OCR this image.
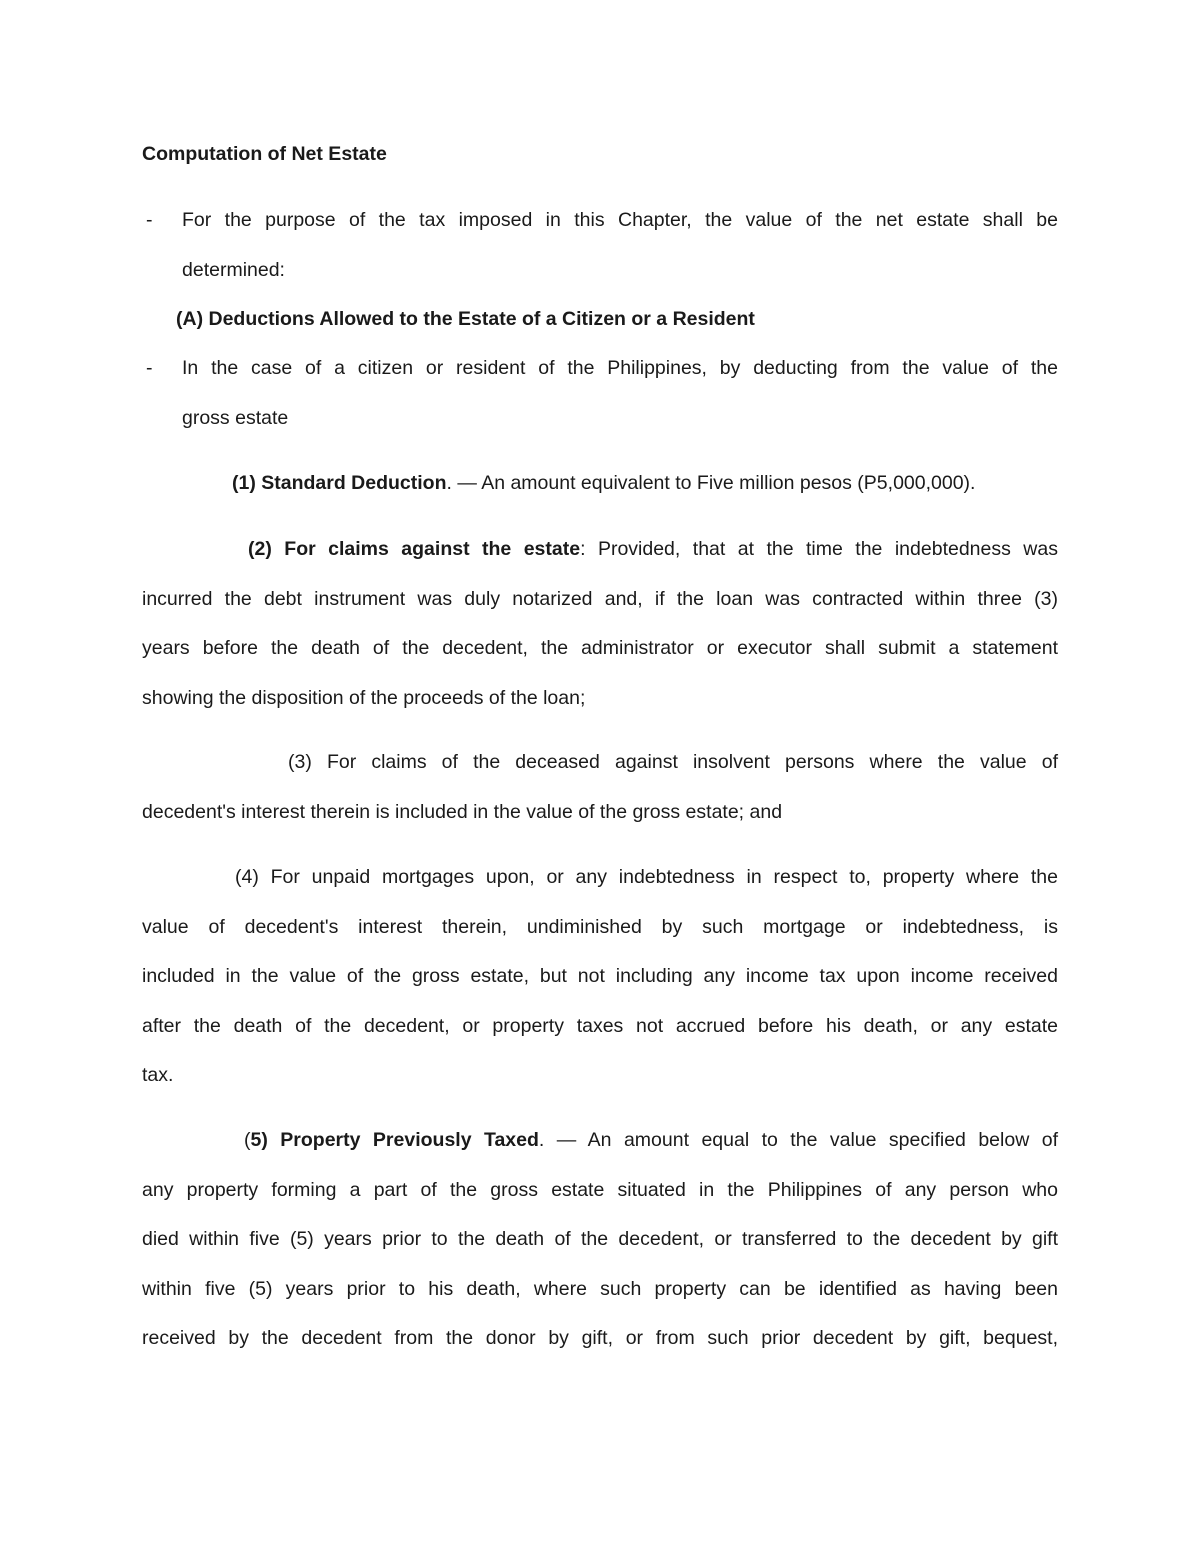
Computation of Net Estate
- For the purpose of the tax imposed in this Chapter, the value of the net estate shall be
determined:
(A) Deductions Allowed to the Estate of a Citizen or a Resident
- In the case of a citizen or resident of the Philippines, by deducting from the value of the
gross estate
(1) Standard Deduction. — An amount equivalent to Five million pesos (P5,000,000).
(2) For claims against the estate: Provided, that at the time the indebtedness was
incurred the debt instrument was duly notarized and, if the loan was contracted within three (3)
years before the death of the decedent, the administrator or executor shall submit a statement
showing the disposition of the proceeds of the loan;
(3) For claims of the deceased against insolvent persons where the value of
decedent's interest therein is included in the value of the gross estate; and
(4) For unpaid mortgages upon, or any indebtedness in respect to, property where the
value of decedent's interest therein, undiminished by such mortgage or indebtedness, is
included in the value of the gross estate, but not including any income tax upon income received
after the death of the decedent, or property taxes not accrued before his death, or any estate
tax.
(5) Property Previously Taxed. — An amount equal to the value specified below of
any property forming a part of the gross estate situated in the Philippines of any person who
died within five (5) years prior to the death of the decedent, or transferred to the decedent by gift
within five (5) years prior to his death, where such property can be identified as having been
received by the decedent from the donor by gift, or from such prior decedent by gift, bequest,
